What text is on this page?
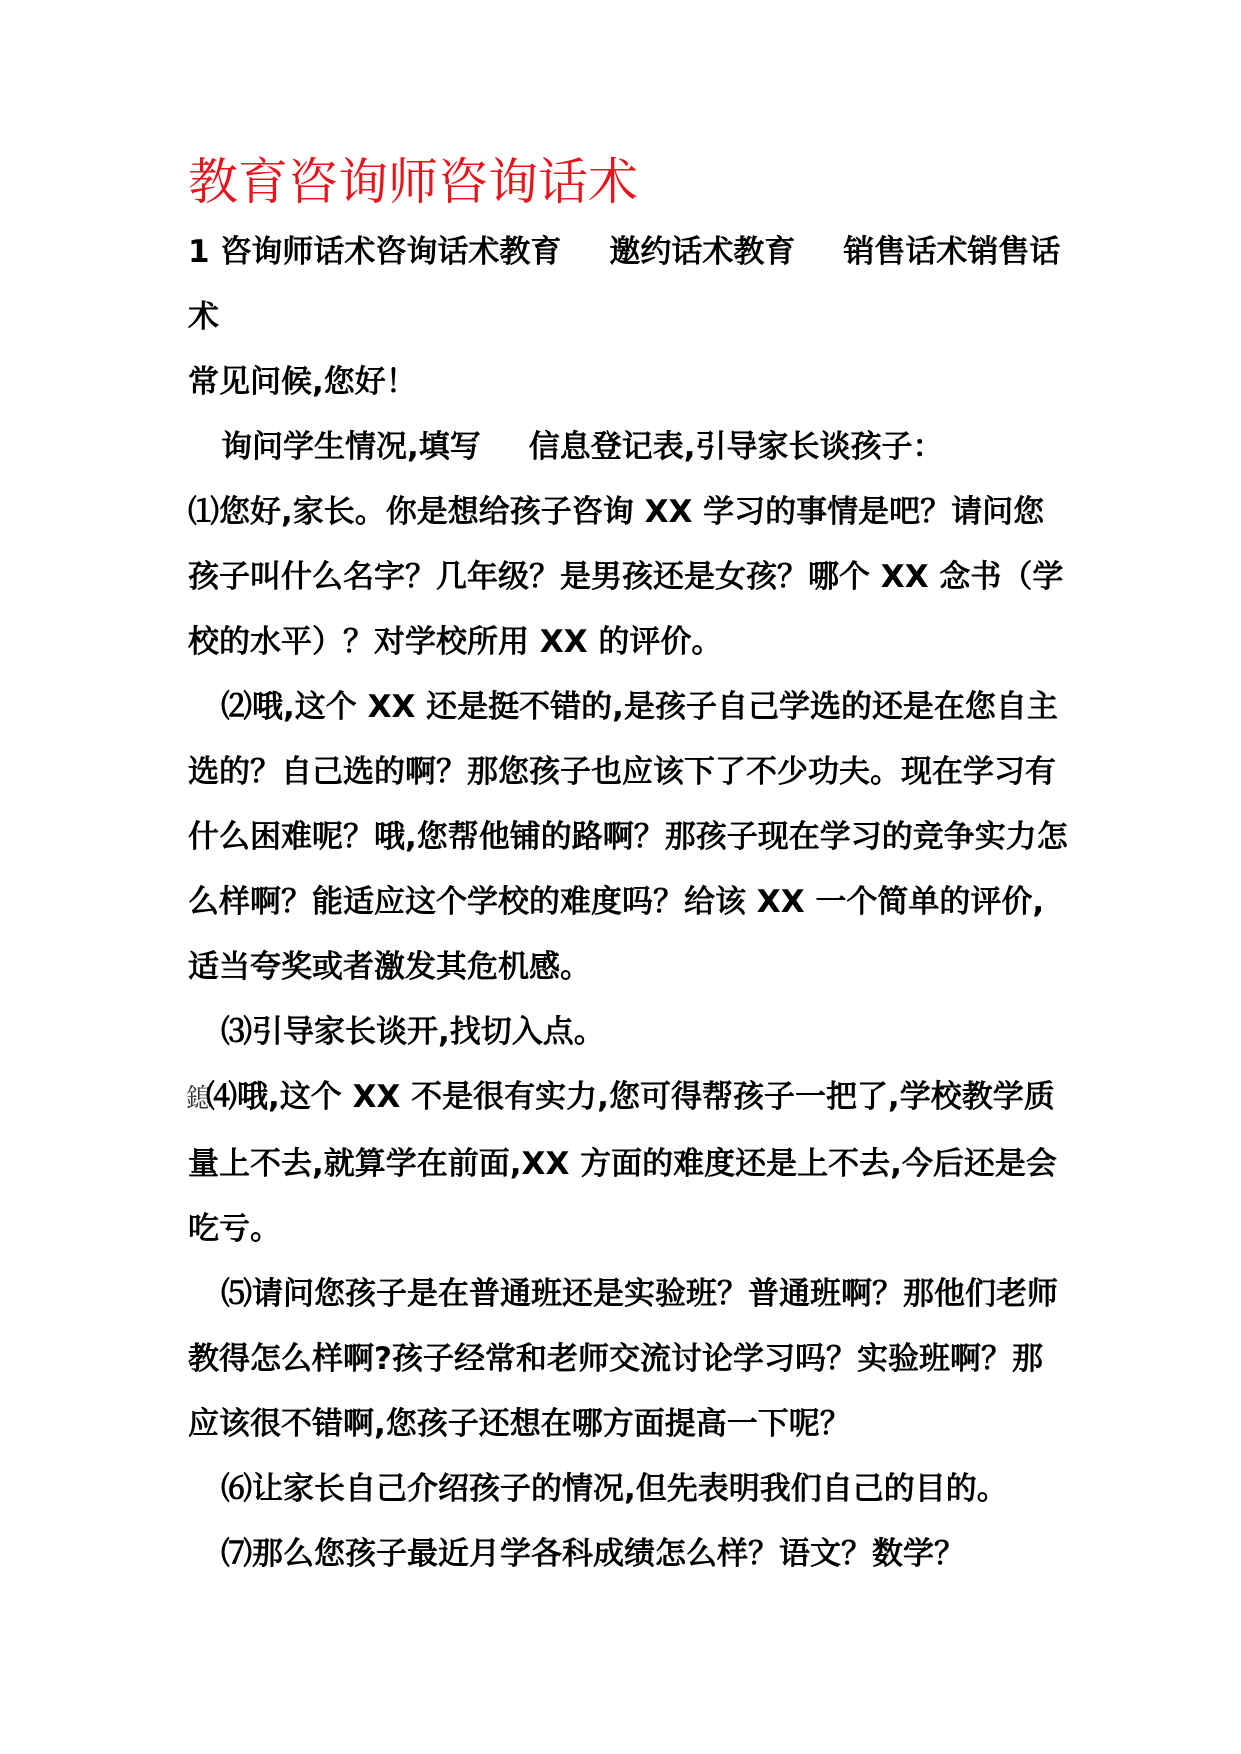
教育咨询师咨询话术

1 咨询师话术咨询话术教育 邀约话术教育 销售话术销售话术

常见问候,您好！

询问学生情况,填写 信息登记表,引导家长谈孩子：

⑴您好,家长。你是想给孩子咨询 XX 学习的事情是吧？请问您孩子叫什么名字？几年级？是男孩还是女孩？哪个 XX 念书（学校的水平）？对学校所用 XX 的评价。

⑵哦,这个 XX 还是挺不错的,是孩子自己学选的还是在您自主选的？自己选的啊？那您孩子也应该下了不少功夫。现在学习有什么困难呢？哦,您帮他铺的路啊？那孩子现在学习的竞争实力怎么样啊？能适应这个学校的难度吗？给该 XX 一个简单的评价,适当夸奖或者激发其危机感。

⑶引导家长谈开,找切入点。

鎴 ⑷哦,这个 XX 不是很有实力,您可得帮孩子一把了,学校教学质量上不去,就算学在前面,XX 方面的难度还是上不去,今后还是会吃亏。

⑸请问您孩子是在普通班还是实验班？普通班啊？那他们老师教得怎么样啊?孩子经常和老师交流讨论学习吗？实验班啊？那应该很不错啊,您孩子还想在哪方面提高一下呢？

⑹让家长自己介绍孩子的情况,但先表明我们自己的目的。

⑺那么您孩子最近月学各科成绩怎么样？语文？数学？
